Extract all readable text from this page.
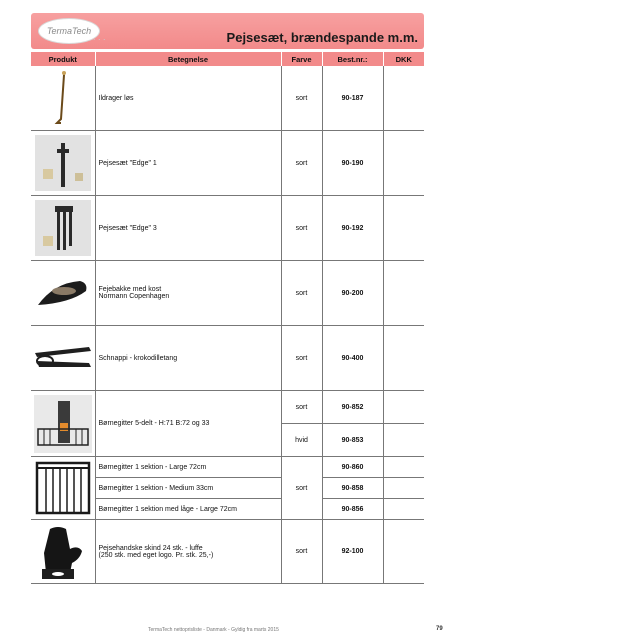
TermaTech
. . .	Pejsesæt, brændespande m.m.
Produkt	Betegnelse	Farve	Best.nr.:	DKK

	Ildrager løs	sort	90-187	

	Pejsesæt "Edge" 1	sort	90-190	

	Pejsesæt "Edge" 3	sort	90-192	

Fejebakke med kost
Normann Copenhagen	sort	90-200	

	Schnappi - krokodilletang	sort	90-400	

	Børnegitter 5-delt - H:71 B:72 og 33	sort	90-852	
		hvid	90-853	

	Børnegitter 1 sektion - Large 72cm	sort	90-860	
	Børnegitter 1 sektion - Medium 33cm		90-858	
	Børnegitter 1 sektion med låge - Large 72cm		90-856	

Pejsehandske skind 24 stk. - luffe
(250 stk. med eget logo. Pr. stk. 25,-)	sort	92-100	
TermaTech nettoprisliste - Danmark - Gyldig fra marts 2015	79
